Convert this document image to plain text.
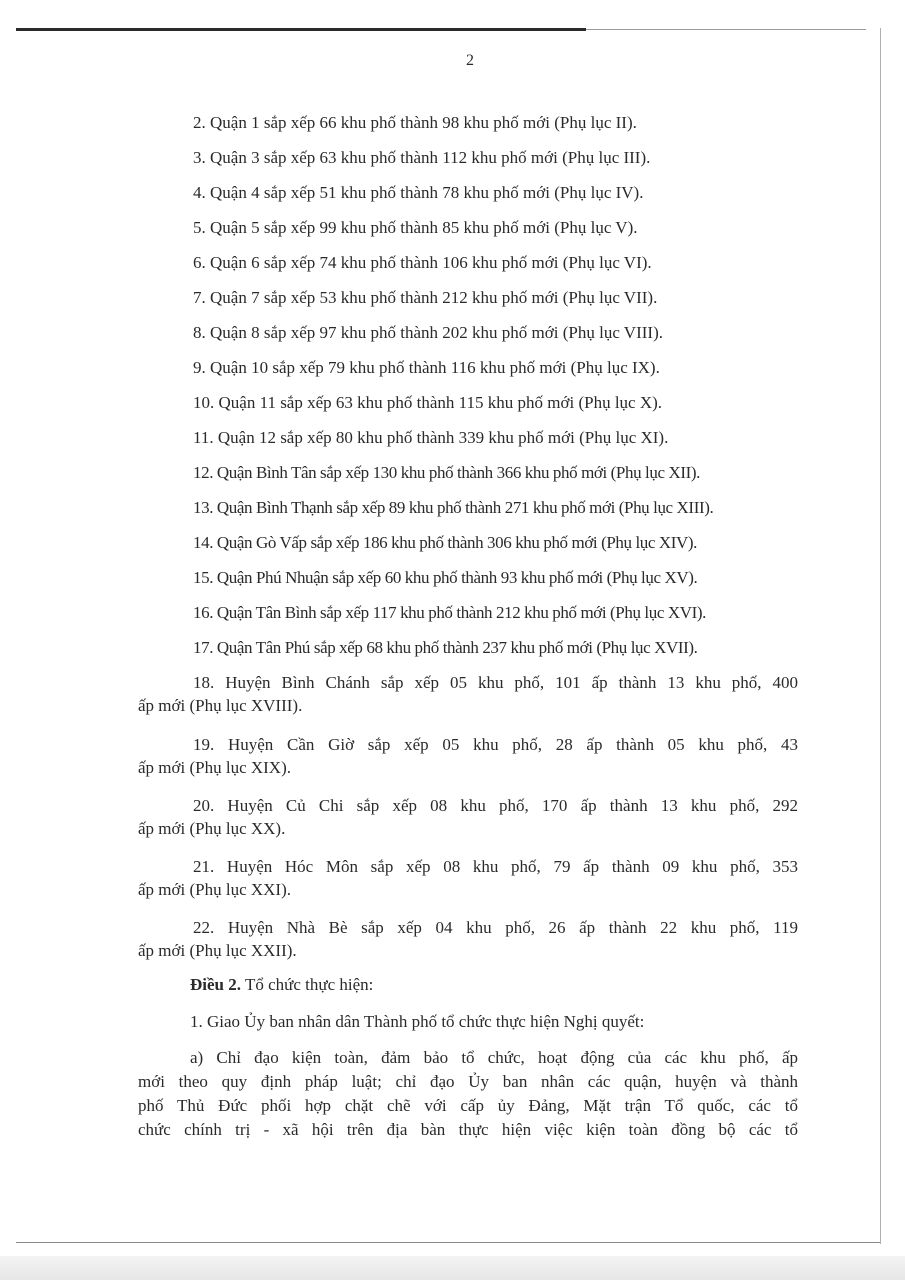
2
2. Quận 1 sắp xếp 66 khu phố thành 98 khu phố mới (Phụ lục II).
3. Quận 3 sắp xếp 63 khu phố thành 112 khu phố mới (Phụ lục III).
4. Quận 4 sắp xếp 51 khu phố thành 78 khu phố mới (Phụ lục IV).
5. Quận 5 sắp xếp 99 khu phố thành 85 khu phố mới (Phụ lục V).
6. Quận 6 sắp xếp 74 khu phố thành 106 khu phố mới (Phụ lục VI).
7. Quận 7 sắp xếp 53 khu phố thành 212 khu phố mới (Phụ lục VII).
8. Quận 8 sắp xếp 97 khu phố thành 202 khu phố mới (Phụ lục VIII).
9. Quận 10 sắp xếp 79 khu phố thành 116 khu phố mới (Phụ lục IX).
10. Quận 11 sắp xếp 63 khu phố thành 115 khu phố mới (Phụ lục X).
11. Quận 12 sắp xếp 80 khu phố thành 339 khu phố mới (Phụ lục XI).
12. Quận Bình Tân sắp xếp 130 khu phố thành 366 khu phố mới (Phụ lục XII).
13. Quận Bình Thạnh sắp xếp 89 khu phố thành 271 khu phố mới (Phụ lục XIII).
14. Quận Gò Vấp sắp xếp 186 khu phố thành 306 khu phố mới (Phụ lục XIV).
15. Quận Phú Nhuận sắp xếp 60 khu phố thành 93 khu phố mới (Phụ lục XV).
16. Quận Tân Bình sắp xếp 117 khu phố thành 212 khu phố mới (Phụ lục XVI).
17. Quận Tân Phú sắp xếp 68 khu phố thành 237 khu phố mới (Phụ lục XVII).
18. Huyện Bình Chánh sắp xếp 05 khu phố, 101 ấp thành 13 khu phố, 400
ấp mới (Phụ lục XVIII).
19. Huyện Cần Giờ sắp xếp 05 khu phố, 28 ấp thành 05 khu phố, 43
ấp mới (Phụ lục XIX).
20. Huyện Củ Chi sắp xếp 08 khu phố, 170 ấp thành 13 khu phố, 292
ấp mới (Phụ lục XX).
21. Huyện Hóc Môn sắp xếp 08 khu phố, 79 ấp thành 09 khu phố, 353
ấp mới (Phụ lục XXI).
22. Huyện Nhà Bè sắp xếp 04 khu phố, 26 ấp thành 22 khu phố, 119
ấp mới (Phụ lục XXII).
Điều 2. Tổ chức thực hiện:
1. Giao Ủy ban nhân dân Thành phố tổ chức thực hiện Nghị quyết:
a) Chỉ đạo kiện toàn, đảm bảo tổ chức, hoạt động của các khu phố, ấp
mới theo quy định pháp luật; chỉ đạo Ủy ban nhân các quận, huyện và thành
phố Thủ Đức phối hợp chặt chẽ với cấp ủy Đảng, Mặt trận Tổ quốc, các tổ
chức chính trị - xã hội trên địa bàn thực hiện việc kiện toàn đồng bộ các tổ
